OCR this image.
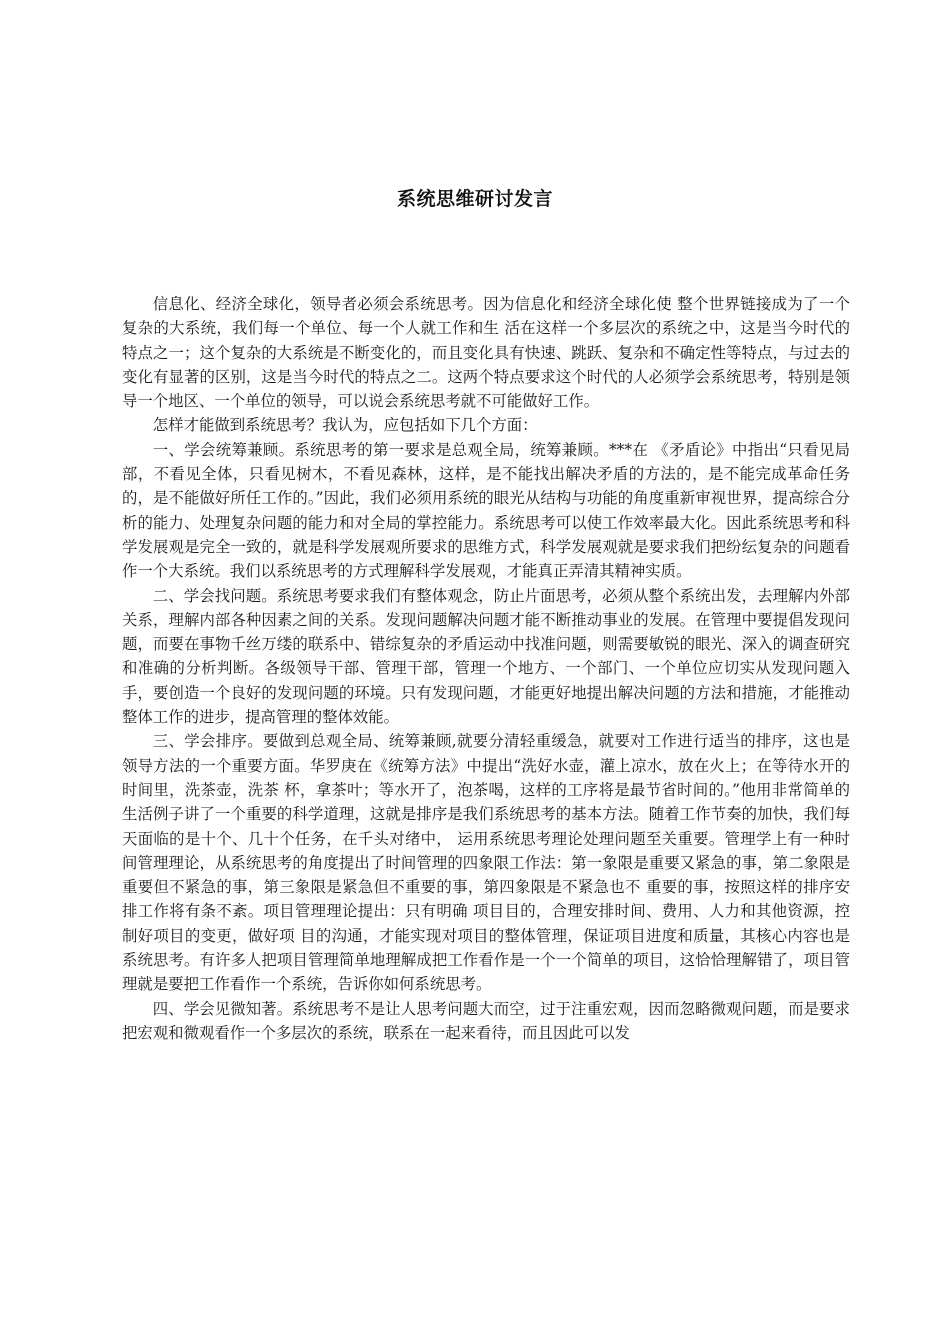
系统思维研讨发言

信息化、经济全球化，领导者必须会系统思考。因为信息化和经济全球化使 整个世界链接成为了一个复杂的大系统，我们每一个单位、每一个人就工作和生 活在这样一个多层次的系统之中，这是当今时代的特点之一；这个复杂的大系统是不断变化的，而且变化具有快速、跳跃、复杂和不确定性等特点，与过去的变化有显著的区别，这是当今时代的特点之二。这两个特点要求这个时代的人必须学会系统思考，特别是领导一个地区、一个单位的领导，可以说会系统思考就不可能做好工作。

怎样才能做到系统思考？我认为，应包括如下几个方面：

一、学会统筹兼顾。系统思考的第一要求是总观全局，统筹兼顾。***在 《矛盾论》中指出“只看见局部，不看见全体，只看见树木，不看见森林，这样，是不能找出解决矛盾的方法的，是不能完成革命任务的，是不能做好所任工作的。”因此，我们必须用系统的眼光从结构与功能的角度重新审视世界，提高综合分析的能力、处理复杂问题的能力和对全局的掌控能力。系统思考可以使工作效率最大化。因此系统思考和科学发展观是完全一致的，就是科学发展观所要求的思维方式，科学发展观就是要求我们把纷纭复杂的问题看作一个大系统。我们以系统思考的方式理解科学发展观，才能真正弄清其精神实质。

二、学会找问题。系统思考要求我们有整体观念，防止片面思考，必须从整个系统出发，去理解内外部关系，理解内部各种因素之间的关系。发现问题解决问题才能不断推动事业的发展。在管理中要提倡发现问题，而要在事物千丝万缕的联系中、错综复杂的矛盾运动中找准问题，则需要敏锐的眼光、深入的调查研究和准确的分析判断。各级领导干部、管理干部，管理一个地方、一个部门、一个单位应切实从发现问题入手，要创造一个良好的发现问题的环境。只有发现问题，才能更好地提出解决问题的方法和措施，才能推动整体工作的进步，提高管理的整体效能。

三、学会排序。要做到总观全局、统筹兼顾,就要分清轻重缓急，就要对工作进行适当的排序，这也是领导方法的一个重要方面。华罗庚在《统筹方法》中提出“洗好水壶，灌上凉水，放在火上；在等待水开的时间里，洗茶壶，洗茶 杯，拿茶叶；等水开了，泡茶喝，这样的工序将是最节省时间的。”他用非常简单的生活例子讲了一个重要的科学道理，这就是排序是我们系统思考的基本方法。随着工作节奏的加快，我们每天面临的是十个、几十个任务，在千头对绪中， 运用系统思考理论处理问题至关重要。管理学上有一种时间管理理论，从系统思考的角度提出了时间管理的四象限工作法：第一象限是重要又紧急的事，第二象限是重要但不紧急的事，第三象限是紧急但不重要的事，第四象限是不紧急也不 重要的事，按照这样的排序安排工作将有条不紊。项目管理理论提出：只有明确 项目目的，合理安排时间、费用、人力和其他资源，控制好项目的变更，做好项 目的沟通，才能实现对项目的整体管理，保证项目进度和质量，其核心内容也是系统思考。有许多人把项目管理简单地理解成把工作看作是一个一个简单的项目，这恰恰理解错了，项目管理就是要把工作看作一个系统，告诉你如何系统思考。

四、学会见微知著。系统思考不是让人思考问题大而空，过于注重宏观，因而忽略微观问题，而是要求把宏观和微观看作一个多层次的系统，联系在一起来看待，而且因此可以发
